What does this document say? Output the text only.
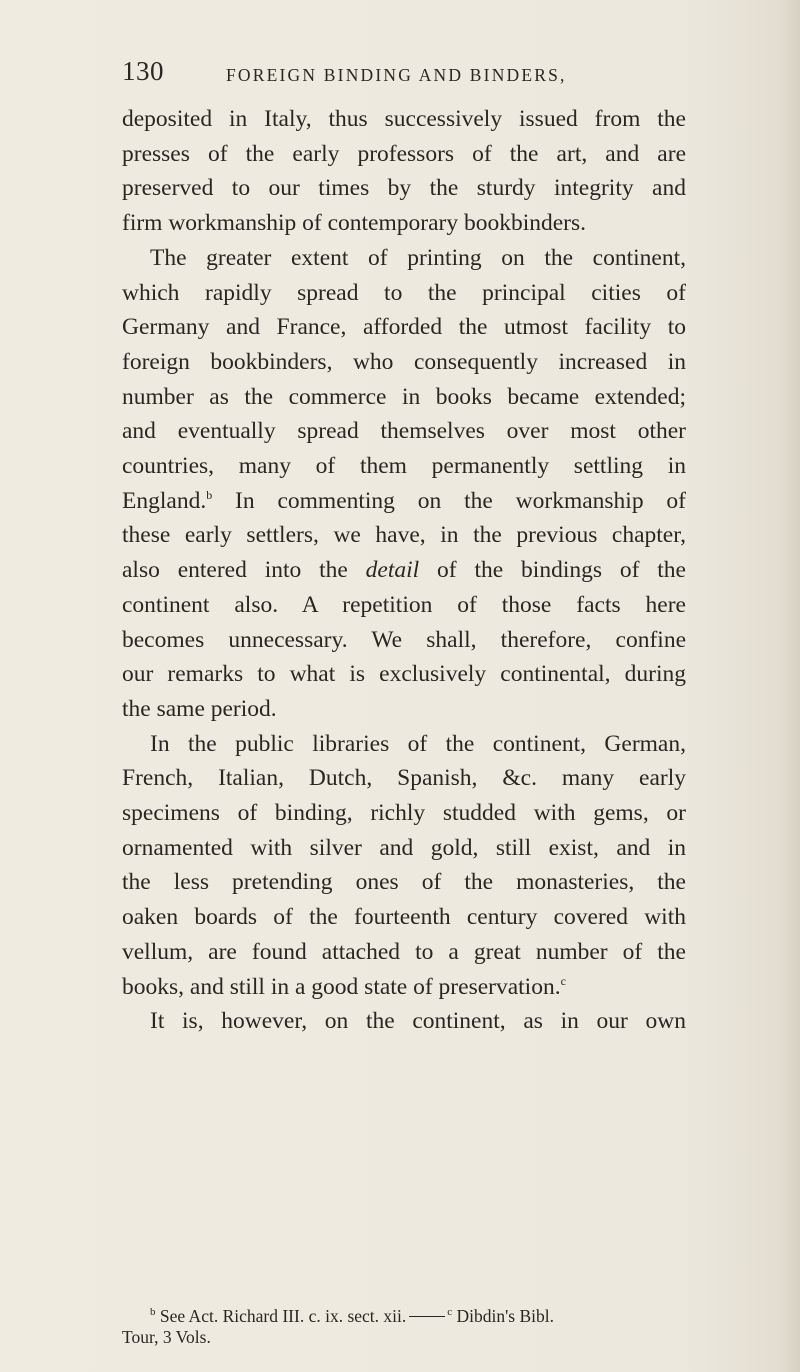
130	FOREIGN BINDING AND BINDERS,
deposited in Italy, thus successively issued from the
presses of the early professors of the art, and are
preserved to our times by the sturdy integrity and
firm workmanship of contemporary bookbinders.
The greater extent of printing on the continent,
which rapidly spread to the principal cities of
Germany and France, afforded the utmost facility to
foreign bookbinders, who consequently increased in
number as the commerce in books became extended;
and eventually spread themselves over most other
countries, many of them permanently settling in
England.$^b$ In commenting on the workmanship of
these early settlers, we have, in the previous chapter,
also entered into the detail of the bindings of the
continent also. A repetition of those facts here
becomes unnecessary. We shall, therefore, confine
our remarks to what is exclusively continental, during
the same period.
In the public libraries of the continent, German,
French, Italian, Dutch, Spanish, &c. many early
specimens of binding, richly studded with gems, or
ornamented with silver and gold, still exist, and in
the less pretending ones of the monasteries, the
oaken boards of the fourteenth century covered with
vellum, are found attached to a great number of the
books, and still in a good state of preservation.$^c$
It is, however, on the continent, as in our own
$^b$ See Act. Richard III. c. ix. sect. xii.	$^c$ Dibdin's Bibl.
Tour, 3 Vols.
